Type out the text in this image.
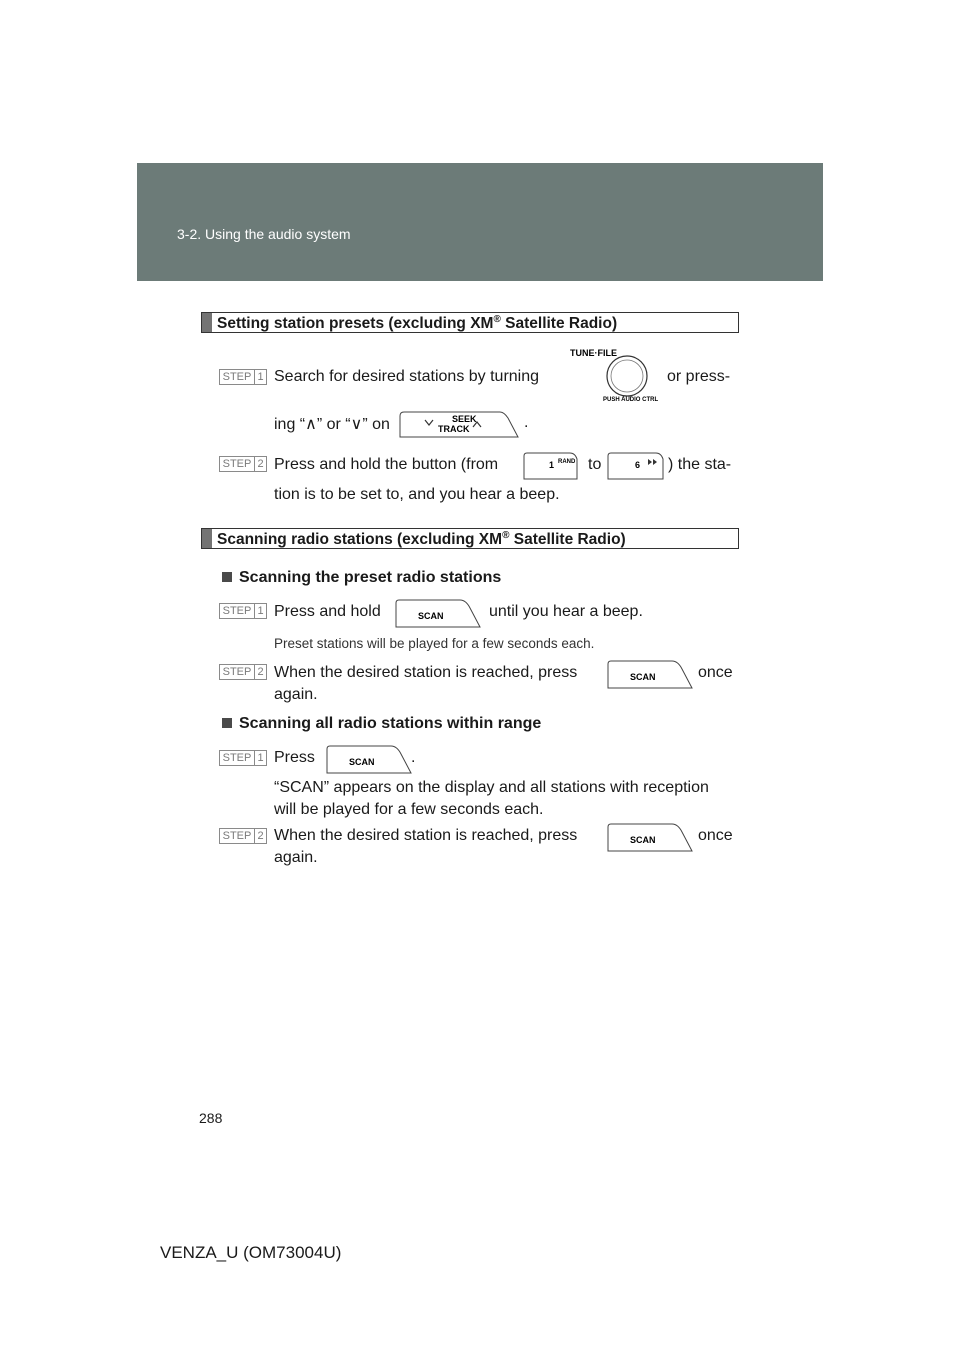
3-2. Using the audio system
Setting station presets (excluding XM® Satellite Radio)
STEP 1 Search for desired stations by turning
TUNE·FILE
PUSH AUDIO CTRL
or press-
ing “∧” or “∨” on	SEEK
TRACK	.
STEP 2 Press and hold the button (from	1 RAND to	6 ) the sta-
tion is to be set to, and you hear a beep.
Scanning radio stations (excluding XM® Satellite Radio)
Scanning the preset radio stations
STEP 1 Press and hold	SCAN	until you hear a beep.
Preset stations will be played for a few seconds each.
STEP 2 When the desired station is reached, press	SCAN	once
again.
Scanning all radio stations within range
STEP 1 Press	SCAN .
“SCAN” appears on the display and all stations with reception
will be played for a few seconds each.
STEP 2 When the desired station is reached, press	SCAN	once
again.
288
VENZA_U (OM73004U)
